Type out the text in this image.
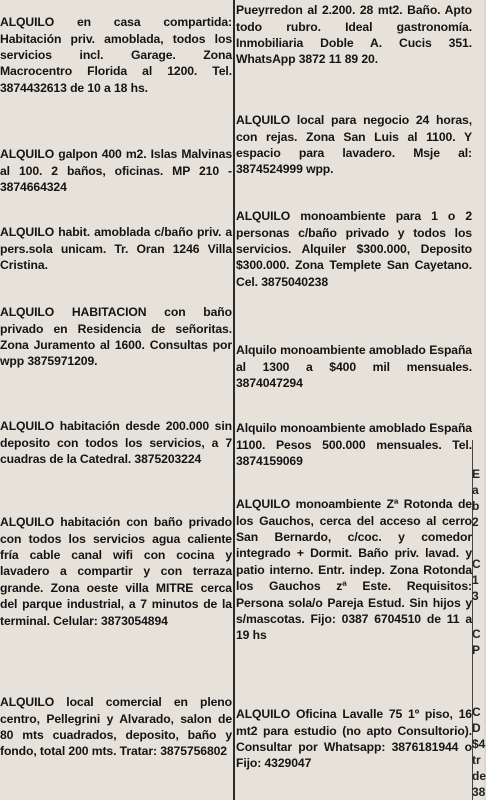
ALQUILO en casa compartida: Habitación priv. amoblada, todos los servicios incl. Garage. Zona Macrocentro Florida al 1200. Tel. 3874432613 de 10 a 18 hs.

ALQUILO galpon 400 m2. Islas Malvinas al 100. 2 baños, oficinas. MP 210 - 3874664324

ALQUILO habit. amoblada c/baño priv. a pers.sola unicam. Tr. Oran 1246 Villa Cristina.

ALQUILO HABITACION con baño privado en Residencia de señoritas. Zona Juramento al 1600. Consultas por wpp 3875971209.

ALQUILO habitación desde 200.000 sin deposito con todos los servicios, a 7 cuadras de la Catedral. 3875203224

ALQUILO habitación con baño privado con todos los servicios agua caliente fría cable canal wifi con cocina y lavadero a compartir y con terraza grande. Zona oeste villa MITRE cerca del parque industrial, a 7 minutos de la terminal. Celular: 3873054894

ALQUILO local comercial en pleno centro, Pellegrini y Alvarado, salon de 80 mts cuadrados, deposito, baño y fondo, total 200 mts. Tratar: 3875756802

Pueyrredon al 2.200. 28 mt2. Baño. Apto todo rubro. Ideal gastronomía. Inmobiliaria Doble A. Cucis 351. WhatsApp 3872 11 89 20.

ALQUILO local para negocio 24 horas, con rejas. Zona San Luis al 1100. Y espacio para lavadero. Msje al: 3874524999 wpp.

ALQUILO monoambiente para 1 o 2 personas c/baño privado y todos los servicios. Alquiler $300.000, Deposito $300.000. Zona Templete San Cayetano. Cel. 3875040238

Alquilo monoambiente amoblado España al 1300 a $400 mil mensuales. 3874047294

Alquilo monoambiente amoblado España 1100. Pesos 500.000 mensuales. Tel. 3874159069

ALQUILO monoambiente Zª Rotonda de los Gauchos, cerca del acceso al cerro San Bernardo, c/coc. y comedor integrado + Dormit. Baño priv. lavad. y patio interno. Entr. indep. Zona Rotonda los Gauchos zª Este. Requisitos: Persona sola/o Pareja Estud. Sin hijos y s/mascotas. Fijo: 0387 6704510 de 11 a 19 hs

ALQUILO Oficina Lavalle 75 1º piso, 16 mt2 para estudio (no apto Consultorio). Consultar por Whatsapp: 3876181944 o Fijo: 4329047

E
a
b
2
C
1
3
C
P
C
D
$4
tr
de
38
